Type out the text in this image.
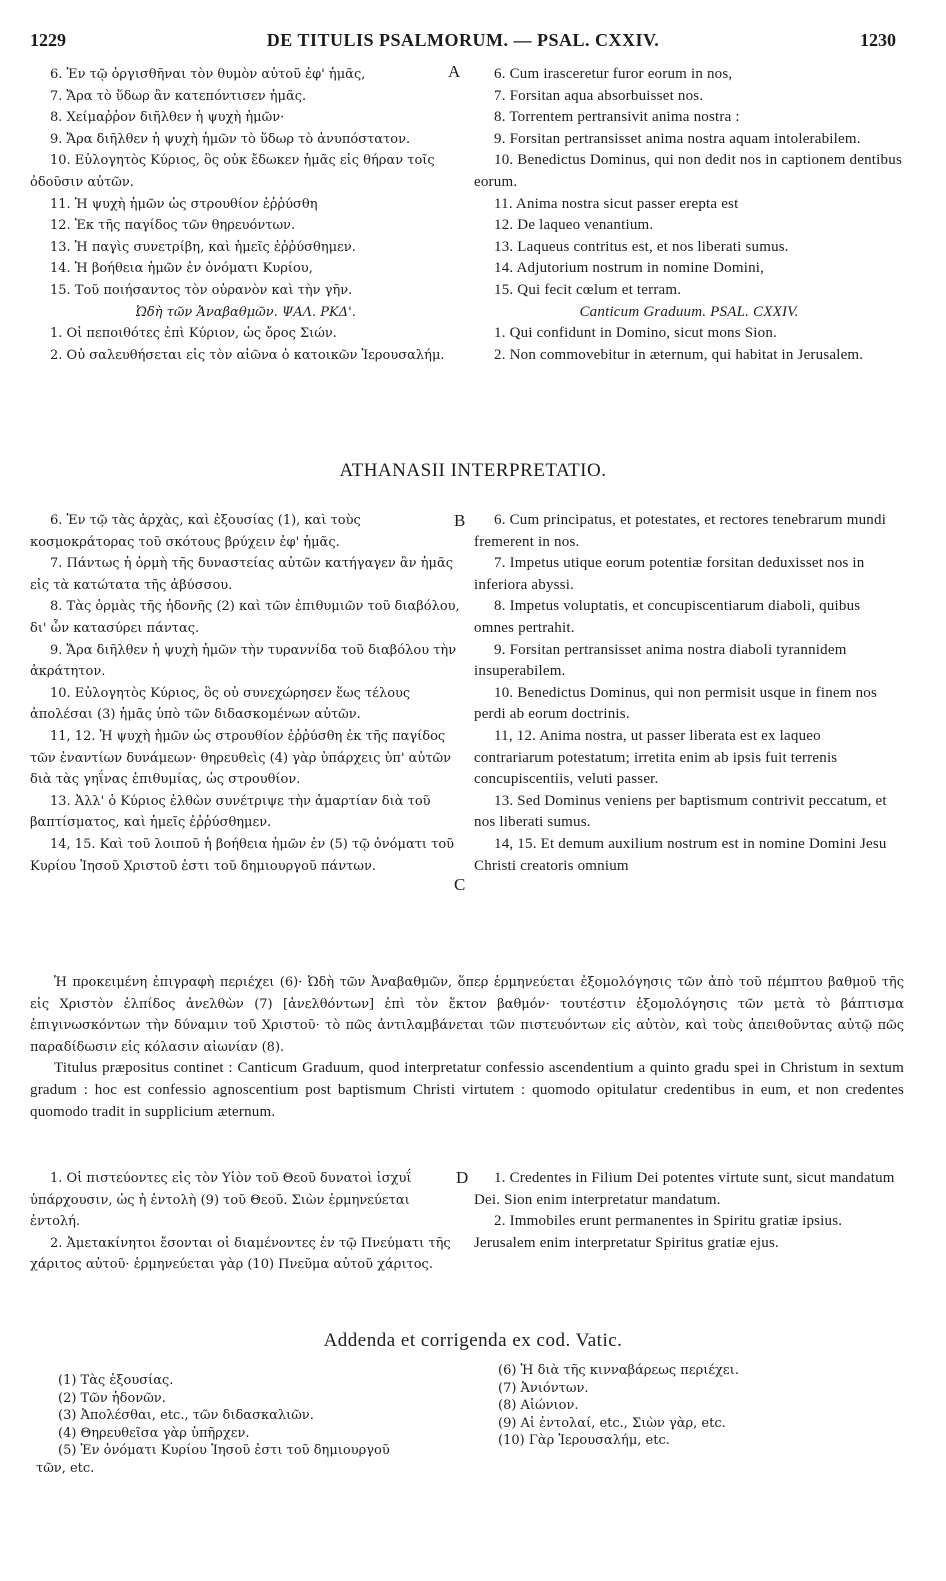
1229	DE TITULIS PSALMORUM. — PSAL. CXXIV.	1230
A
B
C
D

6. Ἐν τῷ ὀργισθῆναι τὸν θυμὸν αὐτοῦ ἐφ' ἡμᾶς,

7. Ἄρα τὸ ὕδωρ ἂν κατεπόντισεν ἡμᾶς.

8. Χείμαῤῥον διῆλθεν ἡ ψυχὴ ἡμῶν·

9. Ἄρα διῆλθεν ἡ ψυχὴ ἡμῶν τὸ ὕδωρ τὸ ἀνυπόστατον.

10. Εὐλογητὸς Κύριος, ὃς οὐκ ἔδωκεν ἡμᾶς εἰς θήραν τοῖς ὀδοῦσιν αὐτῶν.

11. Ἡ ψυχὴ ἡμῶν ὡς στρουθίον ἐῤῥύσθη

12. Ἐκ τῆς παγίδος τῶν θηρευόντων.

13. Ἡ παγὶς συνετρίβη, καὶ ἡμεῖς ἐῤῥύσθημεν.

14. Ἡ βοήθεια ἡμῶν ἐν ὀνόματι Κυρίου,

15. Τοῦ ποιήσαντος τὸν οὐρανὸν καὶ τὴν γῆν.

Ὠδὴ τῶν Ἀναβαθμῶν. ΨΑΛ. ΡΚΔ'.

1. Οἱ πεποιθότες ἐπὶ Κύριον, ὡς ὄρος Σιών.

2. Οὐ σαλευθήσεται εἰς τὸν αἰῶνα ὁ κατοικῶν Ἱερουσαλήμ.

6. Cum irasceretur furor eorum in nos,

7. Forsitan aqua absorbuisset nos.

8. Torrentem pertransivit anima nostra :

9. Forsitan pertransisset anima nostra aquam intolerabilem.

10. Benedictus Dominus, qui non dedit nos in captionem dentibus eorum.

11. Anima nostra sicut passer erepta est

12. De laqueo venantium.

13. Laqueus contritus est, et nos liberati sumus.

14. Adjutorium nostrum in nomine Domini,

15. Qui fecit cœlum et terram.

Canticum Graduum. PSAL. CXXIV.

1. Qui confidunt in Domino, sicut mons Sion.

2. Non commovebitur in æternum, qui habitat in Jerusalem.

ATHANASII INTERPRETATIO.

6. Ἐν τῷ τὰς ἀρχὰς, καὶ ἐξουσίας (1), καὶ τοὺς κοσμοκράτορας τοῦ σκότους βρύχειν ἐφ' ἡμᾶς.

7. Πάντως ἡ ὁρμὴ τῆς δυναστείας αὐτῶν κατήγαγεν ἂν ἡμᾶς εἰς τὰ κατώτατα τῆς ἀβύσσου.

8. Τὰς ὁρμὰς τῆς ἡδονῆς (2) καὶ τῶν ἐπιθυμιῶν τοῦ διαβόλου, δι' ὧν κατασύρει πάντας.

9. Ἄρα διῆλθεν ἡ ψυχὴ ἡμῶν τὴν τυραννίδα τοῦ διαβόλου τὴν ἀκράτητον.

10. Εὐλογητὸς Κύριος, ὃς οὐ συνεχώρησεν ἕως τέλους ἀπολέσαι (3) ἡμᾶς ὑπὸ τῶν διδασκομένων αὐτῶν.

11, 12. Ἡ ψυχὴ ἡμῶν ὡς στρουθίον ἐῤῥύσθη ἐκ τῆς παγίδος τῶν ἐναντίων δυνάμεων· θηρευθεὶς (4) γὰρ ὑπάρχεις ὑπ' αὐτῶν διὰ τὰς γηΐνας ἐπιθυμίας, ὡς στρουθίον.

13. Ἀλλ' ὁ Κύριος ἐλθὼν συνέτριψε τὴν ἁμαρτίαν διὰ τοῦ βαπτίσματος, καὶ ἡμεῖς ἐῤῥύσθημεν.

14, 15. Καὶ τοῦ λοιποῦ ἡ βοήθεια ἡμῶν ἐν (5) τῷ ὀνόματι τοῦ Κυρίου Ἰησοῦ Χριστοῦ ἐστι τοῦ δημιουργοῦ πάντων.

6. Cum principatus, et potestates, et rectores tenebrarum mundi fremerent in nos.

7. Impetus utique eorum potentiæ forsitan deduxisset nos in inferiora abyssi.

8. Impetus voluptatis, et concupiscentiarum diaboli, quibus omnes pertrahit.

9. Forsitan pertransisset anima nostra diaboli tyrannidem insuperabilem.

10. Benedictus Dominus, qui non permisit usque in finem nos perdi ab eorum doctrinis.

11, 12. Anima nostra, ut passer liberata est ex laqueo contrariarum potestatum; irretita enim ab ipsis fuit terrenis concupiscentiis, veluti passer.

13. Sed Dominus veniens per baptismum contrivit peccatum, et nos liberati sumus.

14, 15. Et demum auxilium nostrum est in nomine Domini Jesu Christi creatoris omnium

Ἡ προκειμένη ἐπιγραφὴ περιέχει (6)· Ὠδὴ τῶν Ἀναβαθμῶν, ὅπερ ἑρμηνεύεται ἐξομολόγησις τῶν ἀπὸ τοῦ πέμπτου βαθμοῦ τῆς εἰς Χριστὸν ἐλπίδος ἀνελθὼν (7) [ἀνελθόντων] ἐπὶ τὸν ἕκτον βαθμόν· τουτέστιν ἐξομολόγησις τῶν μετὰ τὸ βάπτισμα ἐπιγινωσκόντων τὴν δύναμιν τοῦ Χριστοῦ· τὸ πῶς ἀντιλαμβάνεται τῶν πιστευόντων εἰς αὐτὸν, καὶ τοὺς ἀπειθοῦντας αὐτῷ πῶς παραδίδωσιν εἰς κόλασιν αἰωνίαν (8).

Titulus præpositus continet : Canticum Graduum, quod interpretatur confessio ascendentium a quinto gradu spei in Christum in sextum gradum : hoc est confessio agnoscentium post baptismum Christi virtutem : quomodo opitulatur credentibus in eum, et non credentes quomodo tradit in supplicium æternum.

1. Οἱ πιστεύοντες εἰς τὸν Υἱὸν τοῦ Θεοῦ δυνατοὶ ἰσχυΐ ὑπάρχουσιν, ὡς ἡ ἐντολὴ (9) τοῦ Θεοῦ. Σιὼν ἑρμηνεύεται ἐντολή.

2. Ἀμετακίνητοι ἔσονται οἱ διαμένοντες ἐν τῷ Πνεύματι τῆς χάριτος αὐτοῦ· ἑρμηνεύεται γὰρ (10) Πνεῦμα αὐτοῦ χάριτος.

1. Credentes in Filium Dei potentes virtute sunt, sicut mandatum Dei. Sion enim interpretatur mandatum.

2. Immobiles erunt permanentes in Spiritu gratiæ ipsius. Jerusalem enim interpretatur Spiritus gratiæ ejus.

Addenda et corrigenda ex cod. Vatic.

(1) Τὰς ἐξουσίας.

(2) Τῶν ἡδονῶν.

(3) Ἀπολέσθαι, etc., τῶν διδασκαλιῶν.

(4) Θηρευθεῖσα γὰρ ὑπῆρχεν.

(5) Ἐν ὀνόματι Κυρίου Ἰησοῦ ἐστι τοῦ δημιουργοῦ

τῶν, etc.

(6) Ἡ διὰ τῆς κινναβάρεως περιέχει.

(7) Ἀνιόντων.

(8) Αἰώνιον.

(9) Αἱ ἐντολαί, etc., Σιὼν γὰρ, etc.

(10) Γὰρ Ἱερουσαλήμ, etc.
